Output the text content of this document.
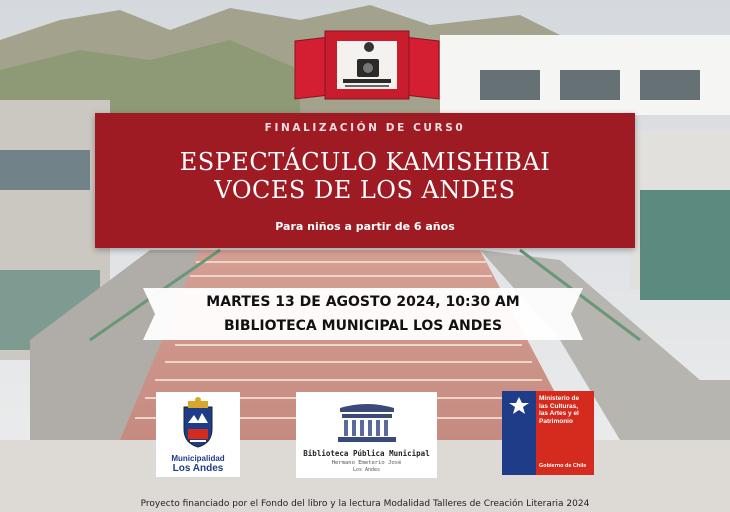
FINALIZACIÓN DE CURS0
ESPECTÁCULO KAMISHIBAI
VOCES DE LOS ANDES
Para niños a partir de 6 años
MARTES 13 DE AGOSTO 2024, 10:30 AM
BIBLIOTECA MUNICIPAL LOS ANDES
Municipalidad
Los Andes
Biblioteca Pública Municipal
Hermano Emeterio José
Los Andes
Ministerio de
las Culturas,
las Artes y el
Patrimonio
Gobierno de Chile
Proyecto financiado por el Fondo del libro y la lectura Modalidad Talleres de Creación Literaria 2024
